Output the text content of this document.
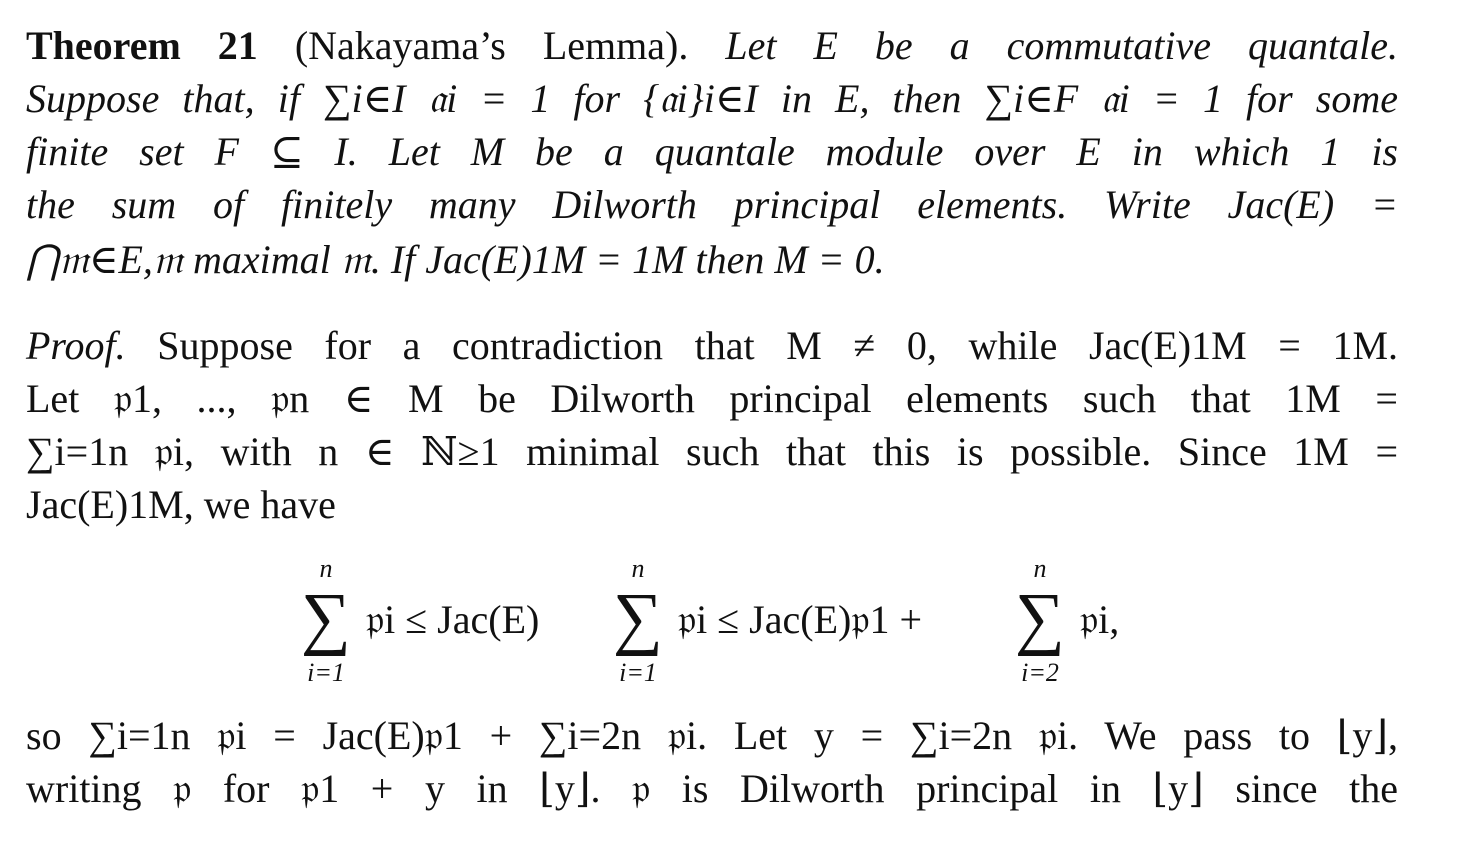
Theorem 21 (Nakayama’s Lemma). Let E be a commutative quantale.
Suppose that, if ∑i∈I 𝔞i = 1 for {𝔞i}i∈I in E, then ∑i∈F 𝔞i = 1 for some
finite set F ⊆ I. Let M be a quantale module over E in which 1 is
the sum of finitely many Dilworth principal elements. Write Jac(E) =
⋂𝔪∈E,𝔪 maximal 𝔪. If Jac(E)1M = 1M then M = 0.
Proof. Suppose for a contradiction that M ≠ 0, while Jac(E)1M = 1M.
Let 𝔭1, ..., 𝔭n ∈ M be Dilworth principal elements such that 1M =
∑i=1n 𝔭i, with n ∈ ℕ≥1 minimal such that this is possible. Since 1M =
Jac(E)1M, we have
n
∑
i=1
𝔭i ≤ Jac(E)
n
∑
i=1
𝔭i ≤ Jac(E)𝔭1 +
n
∑
i=2
𝔭i,
so ∑i=1n 𝔭i = Jac(E)𝔭1 + ∑i=2n 𝔭i. Let y = ∑i=2n 𝔭i. We pass to ⌊y⌋,
writing 𝔭 for 𝔭1 + y in ⌊y⌋. 𝔭 is Dilworth principal in ⌊y⌋ since the
